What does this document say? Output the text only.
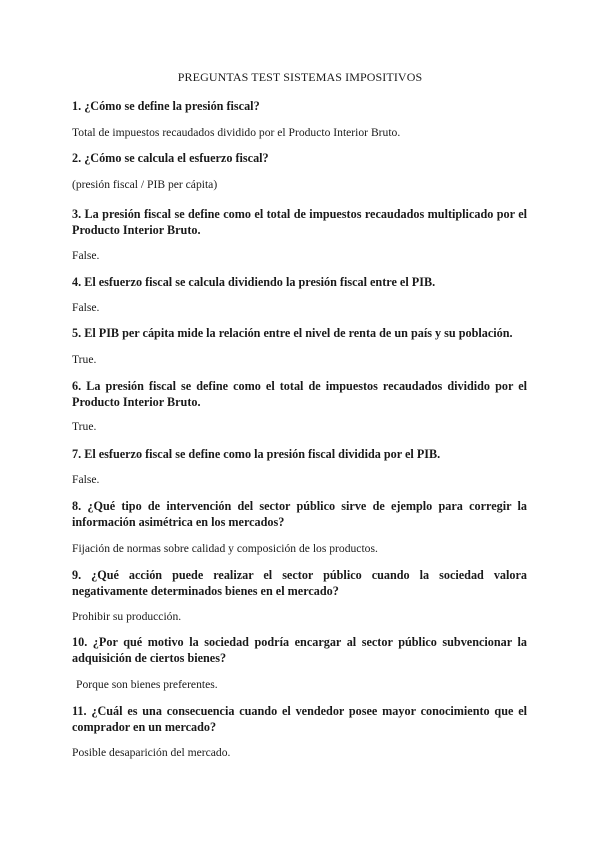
PREGUNTAS TEST SISTEMAS IMPOSITIVOS
1. ¿Cómo se define la presión fiscal?
Total de impuestos recaudados dividido por el Producto Interior Bruto.
2. ¿Cómo se calcula el esfuerzo fiscal?
(presión fiscal / PIB per cápita)
3. La presión fiscal se define como el total de impuestos recaudados multiplicado por el Producto Interior Bruto.
False.
4. El esfuerzo fiscal se calcula dividiendo la presión fiscal entre el PIB.
False.
5. El PIB per cápita mide la relación entre el nivel de renta de un país y su población.
True.
6. La presión fiscal se define como el total de impuestos recaudados dividido por el Producto Interior Bruto.
True.
7. El esfuerzo fiscal se define como la presión fiscal dividida por el PIB.
False.
8. ¿Qué tipo de intervención del sector público sirve de ejemplo para corregir la información asimétrica en los mercados?
Fijación de normas sobre calidad y composición de los productos.
9. ¿Qué acción puede realizar el sector público cuando la sociedad valora negativamente determinados bienes en el mercado?
Prohibir su producción.
10. ¿Por qué motivo la sociedad podría encargar al sector público subvencionar la adquisición de ciertos bienes?
Porque son bienes preferentes.
11. ¿Cuál es una consecuencia cuando el vendedor posee mayor conocimiento que el comprador en un mercado?
Posible desaparición del mercado.
